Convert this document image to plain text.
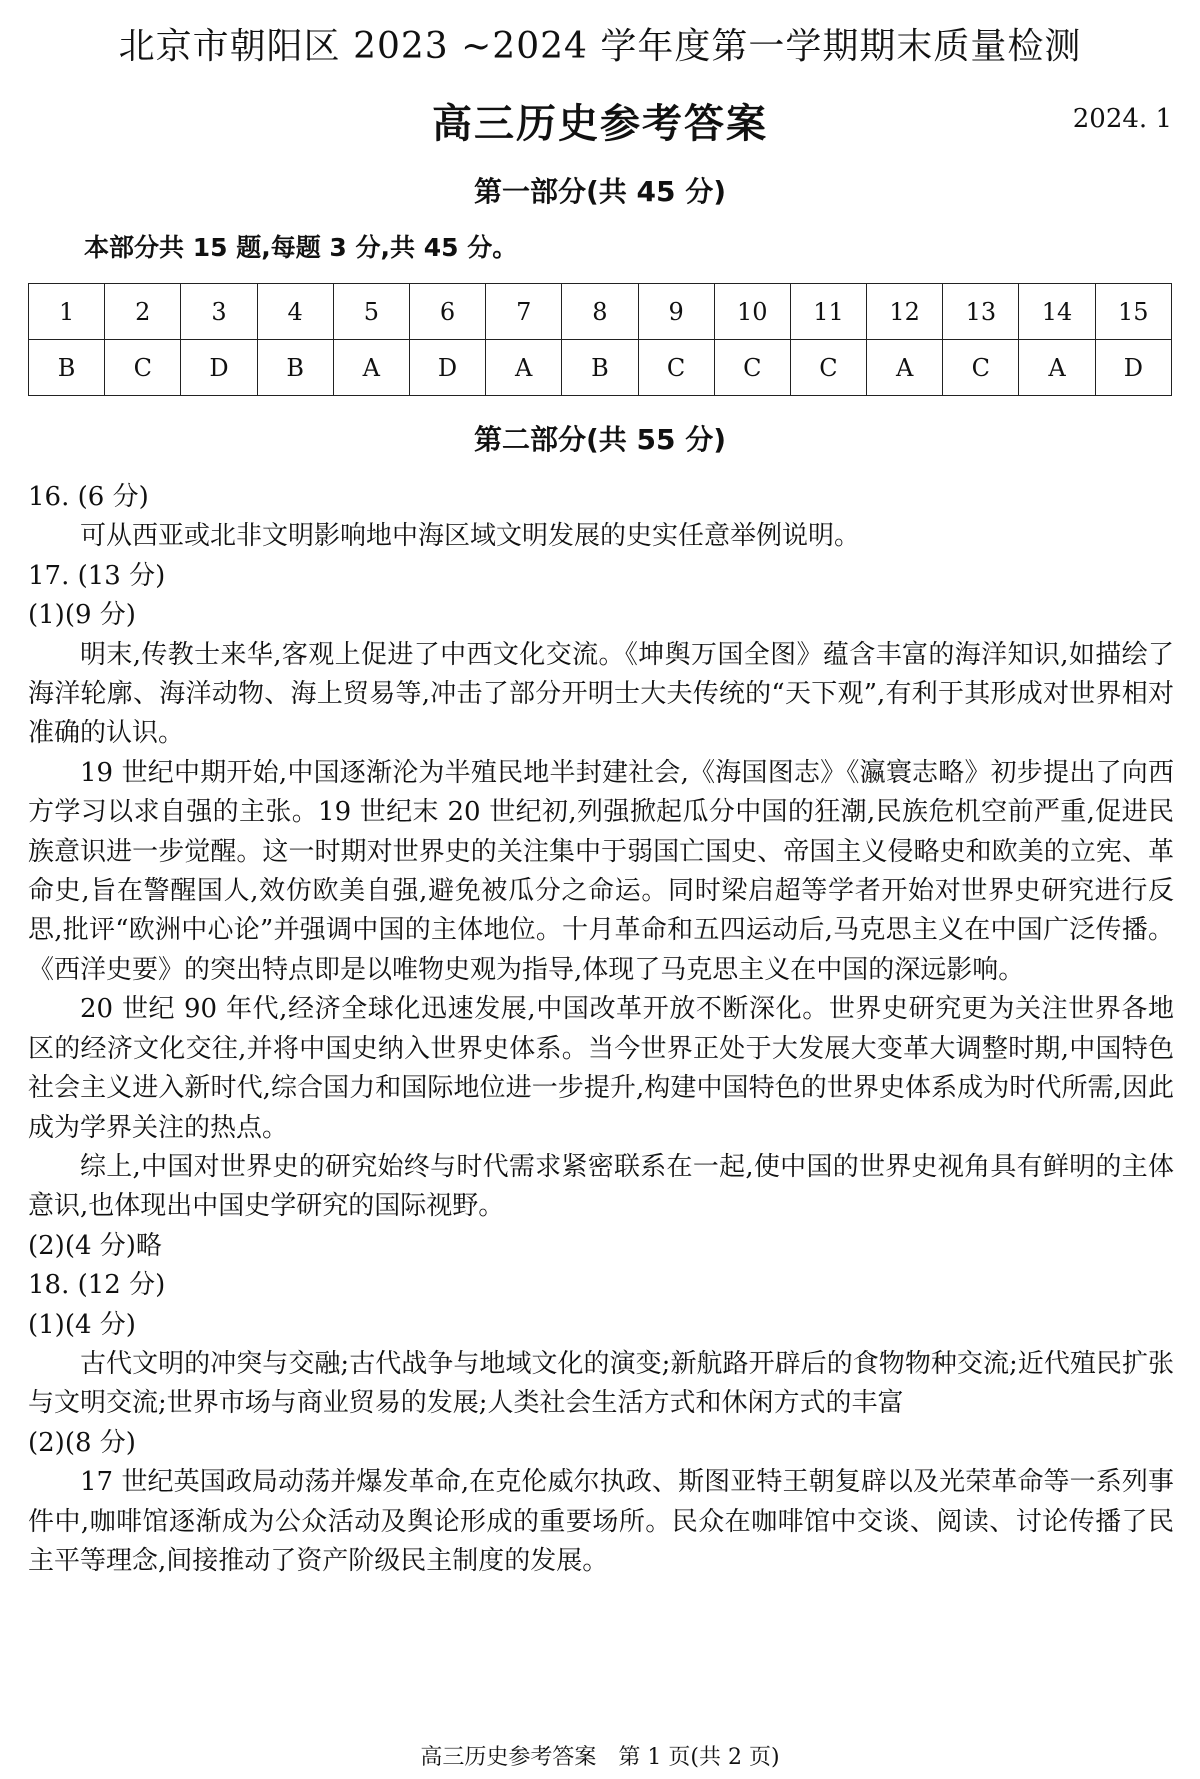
北京市朝阳区 2023 ~2024 学年度第一学期期末质量检测
高三历史参考答案	2024. 1
第一部分(共 45 分)
本部分共 15 题,每题 3 分,共 45 分。
1	2	3	4	5	6	7	8	9	10	11	12	13	14	15
B	C	D	B	A	D	A	B	C	C	C	A	C	A	D
第二部分(共 55 分)

16. (6 分)

可从西亚或北非文明影响地中海区域文明发展的史实任意举例说明。

17. (13 分)

(1)(9 分)

明末,传教士来华,客观上促进了中西文化交流。《坤舆万国全图》蕴含丰富的海洋知识,如描绘了海洋轮廓、海洋动物、海上贸易等,冲击了部分开明士大夫传统的“天下观”,有利于其形成对世界相对准确的认识。

19 世纪中期开始,中国逐渐沦为半殖民地半封建社会,《海国图志》《瀛寰志略》初步提出了向西方学习以求自强的主张。19 世纪末 20 世纪初,列强掀起瓜分中国的狂潮,民族危机空前严重,促进民族意识进一步觉醒。这一时期对世界史的关注集中于弱国亡国史、帝国主义侵略史和欧美的立宪、革命史,旨在警醒国人,效仿欧美自强,避免被瓜分之命运。同时梁启超等学者开始对世界史研究进行反思,批评“欧洲中心论”并强调中国的主体地位。十月革命和五四运动后,马克思主义在中国广泛传播。《西洋史要》的突出特点即是以唯物史观为指导,体现了马克思主义在中国的深远影响。

20 世纪 90 年代,经济全球化迅速发展,中国改革开放不断深化。世界史研究更为关注世界各地区的经济文化交往,并将中国史纳入世界史体系。当今世界正处于大发展大变革大调整时期,中国特色社会主义进入新时代,综合国力和国际地位进一步提升,构建中国特色的世界史体系成为时代所需,因此成为学界关注的热点。

综上,中国对世界史的研究始终与时代需求紧密联系在一起,使中国的世界史视角具有鲜明的主体意识,也体现出中国史学研究的国际视野。

(2)(4 分)略

18. (12 分)

(1)(4 分)

古代文明的冲突与交融;古代战争与地域文化的演变;新航路开辟后的食物物种交流;近代殖民扩张与文明交流;世界市场与商业贸易的发展;人类社会生活方式和休闲方式的丰富

(2)(8 分)

17 世纪英国政局动荡并爆发革命,在克伦威尔执政、斯图亚特王朝复辟以及光荣革命等一系列事件中,咖啡馆逐渐成为公众活动及舆论形成的重要场所。民众在咖啡馆中交谈、阅读、讨论传播了民主平等理念,间接推动了资产阶级民主制度的发展。

高三历史参考答案　第 1 页(共 2 页)
